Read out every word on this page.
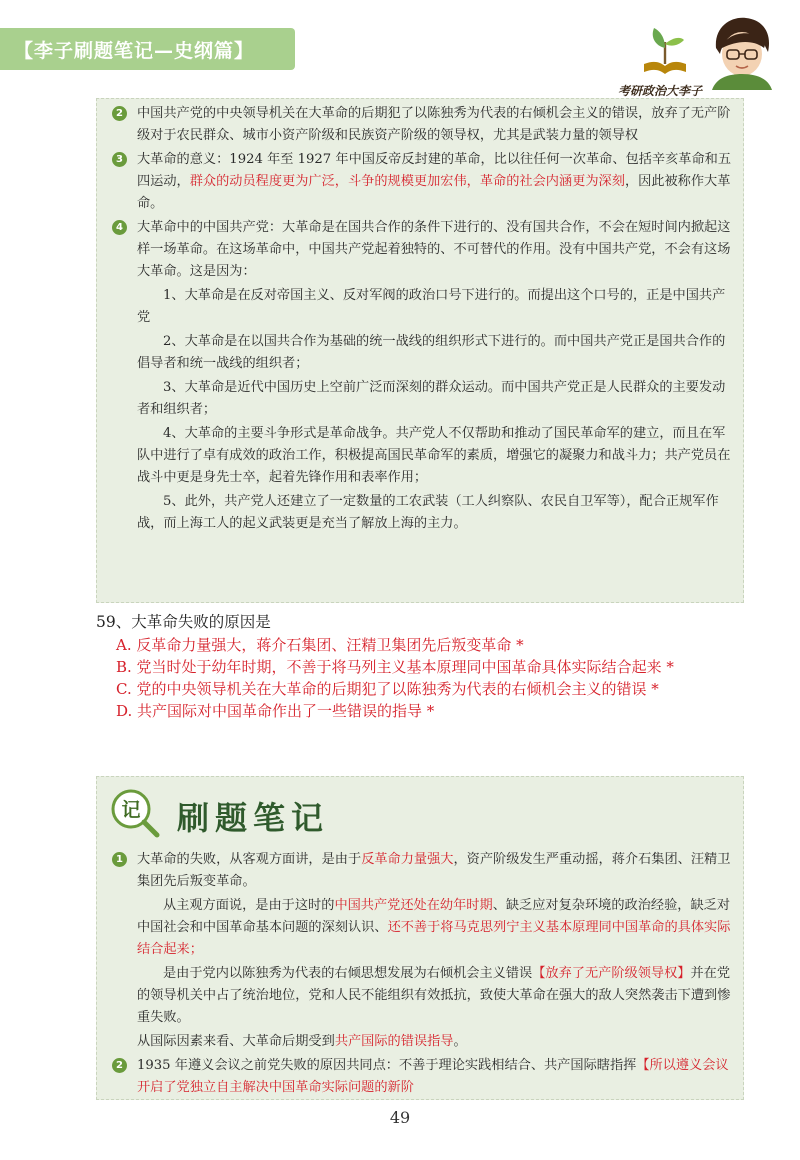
【李子刷题笔记—史纲篇】
考研政治大李子

2	中国共产党的中央领导机关在大革命的后期犯了以陈独秀为代表的右倾机会主义的错误，放弃了无产阶级对于农民群众、城市小资产阶级和民族资产阶级的领导权，尤其是武装力量的领导权

3	大革命的意义：1924 年至 1927 年中国反帝反封建的革命，比以往任何一次革命、包括辛亥革命和五四运动，群众的动员程度更为广泛，斗争的规模更加宏伟，革命的社会内涵更为深刻，因此被称作大革命。

4	大革命中的中国共产党：大革命是在国共合作的条件下进行的、没有国共合作，不会在短时间内掀起这样一场革命。在这场革命中，中国共产党起着独特的、不可替代的作用。没有中国共产党，不会有这场大革命。这是因为：

1、大革命是在反对帝国主义、反对军阀的政治口号下进行的。而提出这个口号的，正是中国共产党

2、大革命是在以国共合作为基础的统一战线的组织形式下进行的。而中国共产党正是国共合作的倡导者和统一战线的组织者；

3、大革命是近代中国历史上空前广泛而深刻的群众运动。而中国共产党正是人民群众的主要发动者和组织者；

4、大革命的主要斗争形式是革命战争。共产党人不仅帮助和推动了国民革命军的建立，而且在军队中进行了卓有成效的政治工作，积极提高国民革命军的素质，增强它的凝聚力和战斗力；共产党员在战斗中更是身先士卒，起着先锋作用和表率作用；

5、此外，共产党人还建立了一定数量的工农武装（工人纠察队、农民自卫军等），配合正规军作战，而上海工人的起义武装更是充当了解放上海的主力。

59、大革命失败的原因是

A. 反革命力量强大，蒋介石集团、汪精卫集团先后叛变革命 *

B. 党当时处于幼年时期，不善于将马列主义基本原理同中国革命具体实际结合起来 *

C. 党的中央领导机关在大革命的后期犯了以陈独秀为代表的右倾机会主义的错误 *

D. 共产国际对中国革命作出了一些错误的指导 *

记 刷题笔记

1	大革命的失败，从客观方面讲，是由于反革命力量强大，资产阶级发生严重动摇，蒋介石集团、汪精卫集团先后叛变革命。

从主观方面说，是由于这时的中国共产党还处在幼年时期、缺乏应对复杂环境的政治经验，缺乏对中国社会和中国革命基本问题的深刻认识、还不善于将马克思列宁主义基本原理同中国革命的具体实际结合起来；

是由于党内以陈独秀为代表的右倾思想发展为右倾机会主义错误【放弃了无产阶级领导权】并在党的领导机关中占了统治地位，党和人民不能组织有效抵抗，致使大革命在强大的敌人突然袭击下遭到惨重失败。

从国际因素来看、大革命后期受到共产国际的错误指导。

2	1935 年遵义会议之前党失败的原因共同点：不善于理论实践相结合、共产国际瞎指挥【所以遵义会议开启了党独立自主解决中国革命实际问题的新阶

49
